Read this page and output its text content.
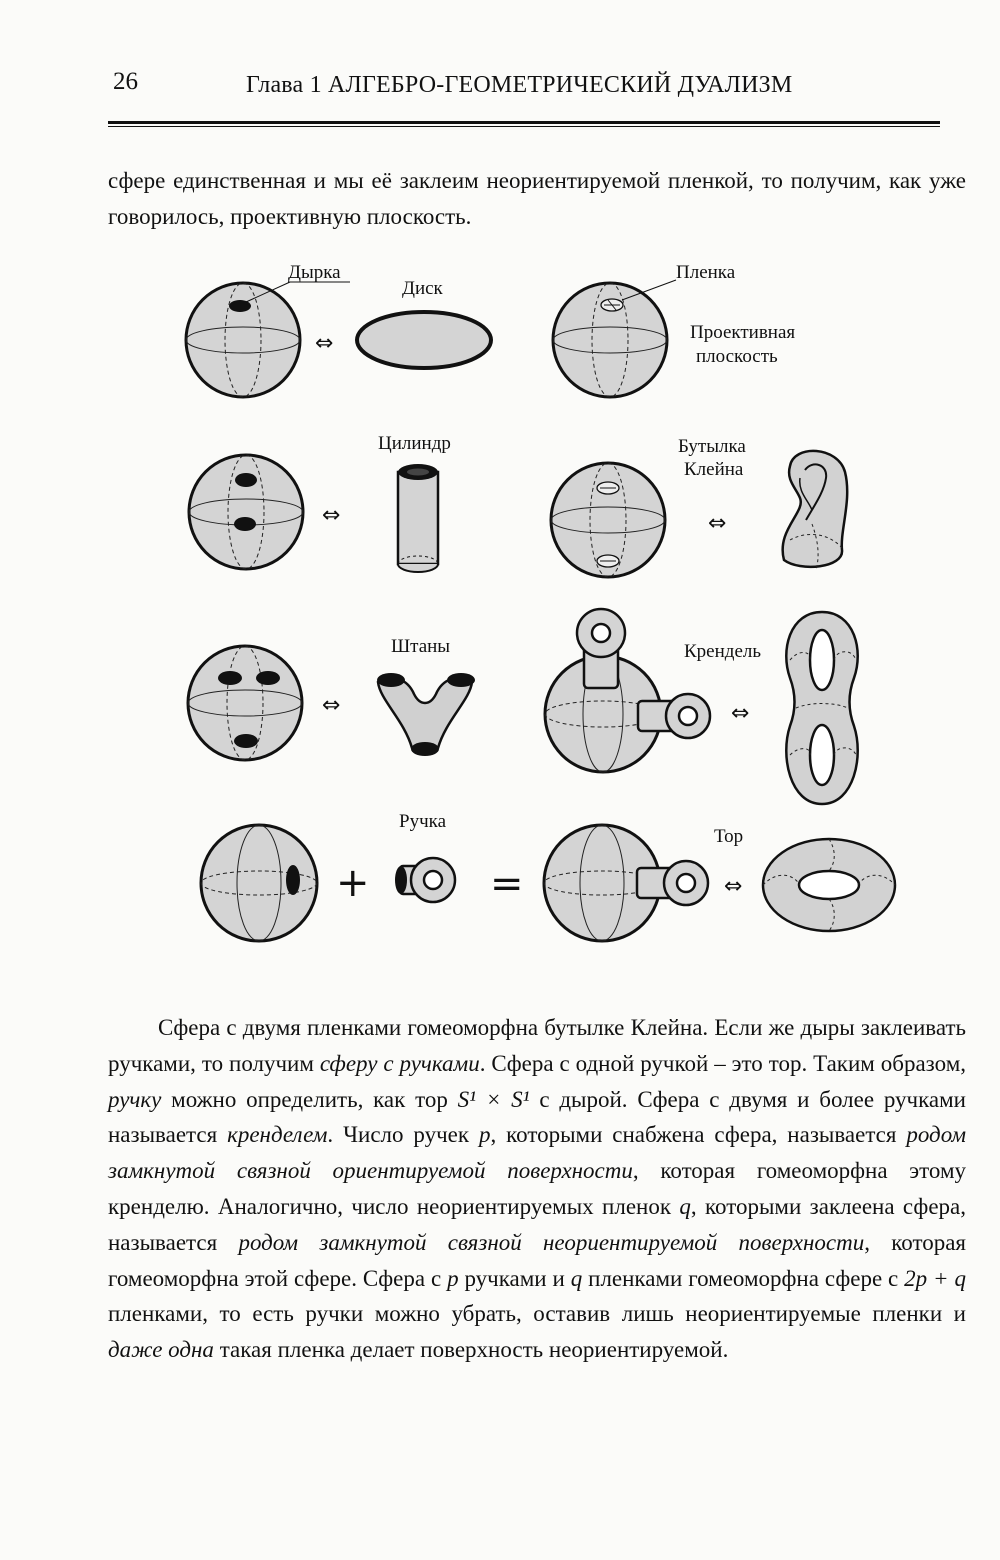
26	Глава 1 АЛГЕБРО-ГЕОМЕТРИЧЕСКИЙ ДУАЛИЗМ
сфере единственная и мы её заклеим неориентируемой пленкой, то получим, как уже говорилось, проективную плоскость.
Дырка
⇔
Диск
Пленка
Проективная
плоскость
⇔
Цилиндр	Бутылка
Клейна
⇔
⇔
Штаны	Крендель
⇔
+
Ручка
=	⇔
Тор

Сфера с двумя пленками гомеоморфна бутылке Клейна. Если же дыры заклеивать ручками, то получим сферу с ручками. Сфера с одной ручкой – это тор. Таким образом, ручку можно определить, как тор S¹ × S¹ с дырой. Сфера с двумя и более ручками называется кренделем. Число ручек p, которыми снабжена сфера, называется родом замкнутой связной ориентируемой поверхности, которая гомеоморфна этому кренделю. Аналогично, число неориентируемых пленок q, которыми заклеена сфера, называется родом замкнутой связной неориентируемой поверхности, которая гомеоморфна этой сфере. Сфера с p ручками и q пленками гомеоморфна сфере с 2p + q пленками, то есть ручки можно убрать, оставив лишь неориентируемые пленки и даже одна такая пленка делает поверхность неориентируемой.
